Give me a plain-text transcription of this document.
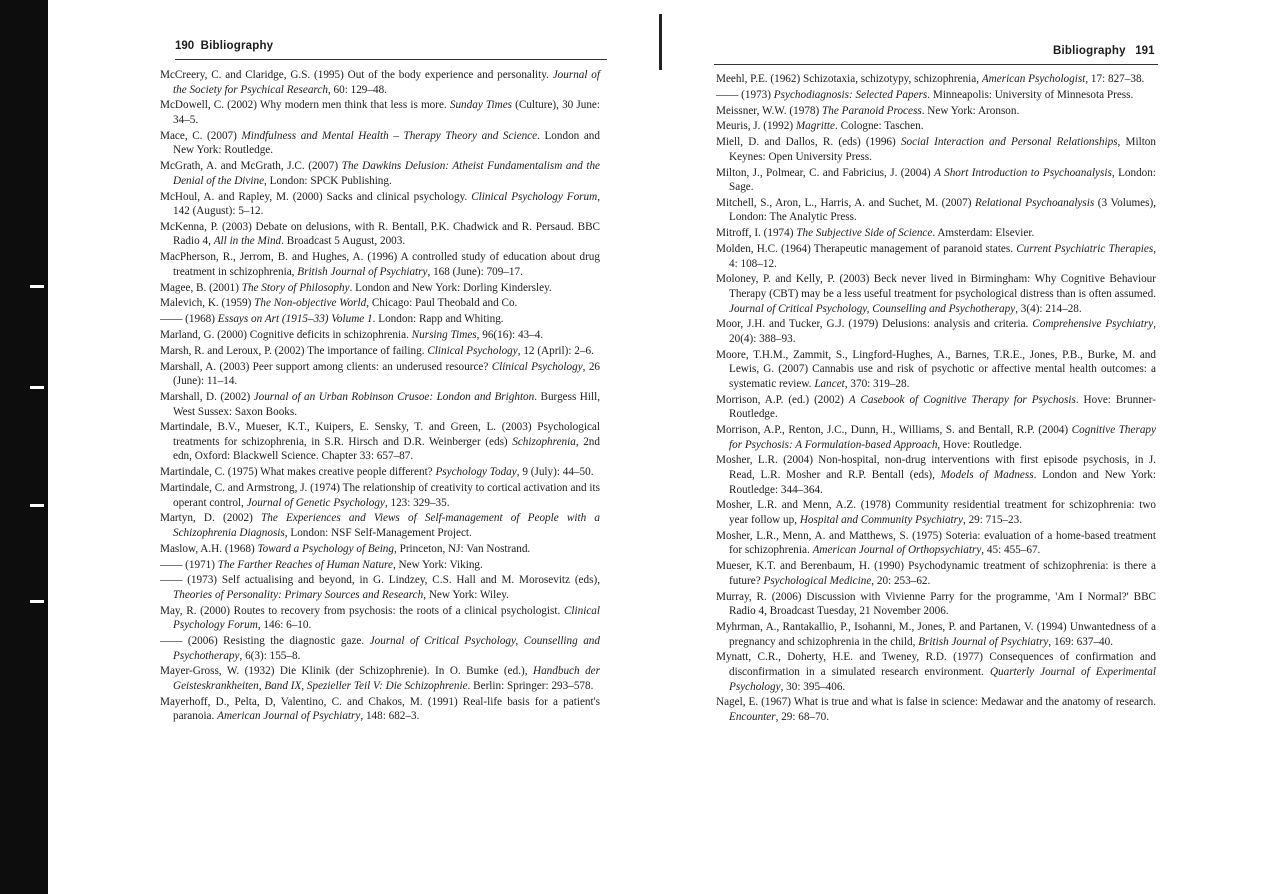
190 Bibliography	Bibliography 191

McCreery, C. and Claridge, G.S. (1995) Out of the body experience and personality. Journal of the Society for Psychical Research, 60: 129–48.

McDowell, C. (2002) Why modern men think that less is more. Sunday Times (Culture), 30 June: 34–5.

Mace, C. (2007) Mindfulness and Mental Health – Therapy Theory and Science. London and New York: Routledge.

McGrath, A. and McGrath, J.C. (2007) The Dawkins Delusion: Atheist Fundamentalism and the Denial of the Divine, London: SPCK Publishing.

McHoul, A. and Rapley, M. (2000) Sacks and clinical psychology. Clinical Psychology Forum, 142 (August): 5–12.

McKenna, P. (2003) Debate on delusions, with R. Bentall, P.K. Chadwick and R. Persaud. BBC Radio 4, All in the Mind. Broadcast 5 August, 2003.

MacPherson, R., Jerrom, B. and Hughes, A. (1996) A controlled study of education about drug treatment in schizophrenia, British Journal of Psychiatry, 168 (June): 709–17.

Magee, B. (2001) The Story of Philosophy. London and New York: Dorling Kindersley.

Malevich, K. (1959) The Non-objective World, Chicago: Paul Theobald and Co.

—— (1968) Essays on Art (1915–33) Volume 1. London: Rapp and Whiting.

Marland, G. (2000) Cognitive deficits in schizophrenia. Nursing Times, 96(16): 43–4.

Marsh, R. and Leroux, P. (2002) The importance of failing. Clinical Psychology, 12 (April): 2–6.

Marshall, A. (2003) Peer support among clients: an underused resource? Clinical Psychology, 26 (June): 11–14.

Marshall, D. (2002) Journal of an Urban Robinson Crusoe: London and Brighton. Burgess Hill, West Sussex: Saxon Books.

Martindale, B.V., Mueser, K.T., Kuipers, E. Sensky, T. and Green, L. (2003) Psychological treatments for schizophrenia, in S.R. Hirsch and D.R. Weinberger (eds) Schizophrenia, 2nd edn, Oxford: Blackwell Science. Chapter 33: 657–87.

Martindale, C. (1975) What makes creative people different? Psychology Today, 9 (July): 44–50.

Martindale, C. and Armstrong, J. (1974) The relationship of creativity to cortical activation and its operant control, Journal of Genetic Psychology, 123: 329–35.

Martyn, D. (2002) The Experiences and Views of Self-management of People with a Schizophrenia Diagnosis, London: NSF Self-Management Project.

Maslow, A.H. (1968) Toward a Psychology of Being, Princeton, NJ: Van Nostrand.

—— (1971) The Farther Reaches of Human Nature, New York: Viking.

—— (1973) Self actualising and beyond, in G. Lindzey, C.S. Hall and M. Morosevitz (eds), Theories of Personality: Primary Sources and Research, New York: Wiley.

May, R. (2000) Routes to recovery from psychosis: the roots of a clinical psychologist. Clinical Psychology Forum, 146: 6–10.

—— (2006) Resisting the diagnostic gaze. Journal of Critical Psychology, Counselling and Psychotherapy, 6(3): 155–8.

Mayer-Gross, W. (1932) Die Klinik (der Schizophrenie). In O. Bumke (ed.), Handbuch der Geisteskrankheiten, Band IX, Spezieller Teil V: Die Schizophrenie. Berlin: Springer: 293–578.

Mayerhoff, D., Pelta, D, Valentino, C. and Chakos, M. (1991) Real-life basis for a patient's paranoia. American Journal of Psychiatry, 148: 682–3.

Meehl, P.E. (1962) Schizotaxia, schizotypy, schizophrenia, American Psychologist, 17: 827–38.

—— (1973) Psychodiagnosis: Selected Papers. Minneapolis: University of Minnesota Press.

Meissner, W.W. (1978) The Paranoid Process. New York: Aronson.

Meuris, J. (1992) Magritte. Cologne: Taschen.

Miell, D. and Dallos, R. (eds) (1996) Social Interaction and Personal Relationships, Milton Keynes: Open University Press.

Milton, J., Polmear, C. and Fabricius, J. (2004) A Short Introduction to Psychoanalysis, London: Sage.

Mitchell, S., Aron, L., Harris, A. and Suchet, M. (2007) Relational Psychoanalysis (3 Volumes), London: The Analytic Press.

Mitroff, I. (1974) The Subjective Side of Science. Amsterdam: Elsevier.

Molden, H.C. (1964) Therapeutic management of paranoid states. Current Psychiatric Therapies, 4: 108–12.

Moloney, P. and Kelly, P. (2003) Beck never lived in Birmingham: Why Cognitive Behaviour Therapy (CBT) may be a less useful treatment for psychological distress than is often assumed. Journal of Critical Psychology, Counselling and Psychotherapy, 3(4): 214–28.

Moor, J.H. and Tucker, G.J. (1979) Delusions: analysis and criteria. Comprehensive Psychiatry, 20(4): 388–93.

Moore, T.H.M., Zammit, S., Lingford-Hughes, A., Barnes, T.R.E., Jones, P.B., Burke, M. and Lewis, G. (2007) Cannabis use and risk of psychotic or affective mental health outcomes: a systematic review. Lancet, 370: 319–28.

Morrison, A.P. (ed.) (2002) A Casebook of Cognitive Therapy for Psychosis. Hove: Brunner-Routledge.

Morrison, A.P., Renton, J.C., Dunn, H., Williams, S. and Bentall, R.P. (2004) Cognitive Therapy for Psychosis: A Formulation-based Approach, Hove: Routledge.

Mosher, L.R. (2004) Non-hospital, non-drug interventions with first episode psychosis, in J. Read, L.R. Mosher and R.P. Bentall (eds), Models of Madness. London and New York: Routledge: 344–364.

Mosher, L.R. and Menn, A.Z. (1978) Community residential treatment for schizophrenia: two year follow up, Hospital and Community Psychiatry, 29: 715–23.

Mosher, L.R., Menn, A. and Matthews, S. (1975) Soteria: evaluation of a home-based treatment for schizophrenia. American Journal of Orthopsychiatry, 45: 455–67.

Mueser, K.T. and Berenbaum, H. (1990) Psychodynamic treatment of schizophrenia: is there a future? Psychological Medicine, 20: 253–62.

Murray, R. (2006) Discussion with Vivienne Parry for the programme, 'Am I Normal?' BBC Radio 4, Broadcast Tuesday, 21 November 2006.

Myhrman, A., Rantakallio, P., Isohanni, M., Jones, P. and Partanen, V. (1994) Unwantedness of a pregnancy and schizophrenia in the child, British Journal of Psychiatry, 169: 637–40.

Mynatt, C.R., Doherty, H.E. and Tweney, R.D. (1977) Consequences of confirmation and disconfirmation in a simulated research environment. Quarterly Journal of Experimental Psychology, 30: 395–406.

Nagel, E. (1967) What is true and what is false in science: Medawar and the anatomy of research. Encounter, 29: 68–70.
